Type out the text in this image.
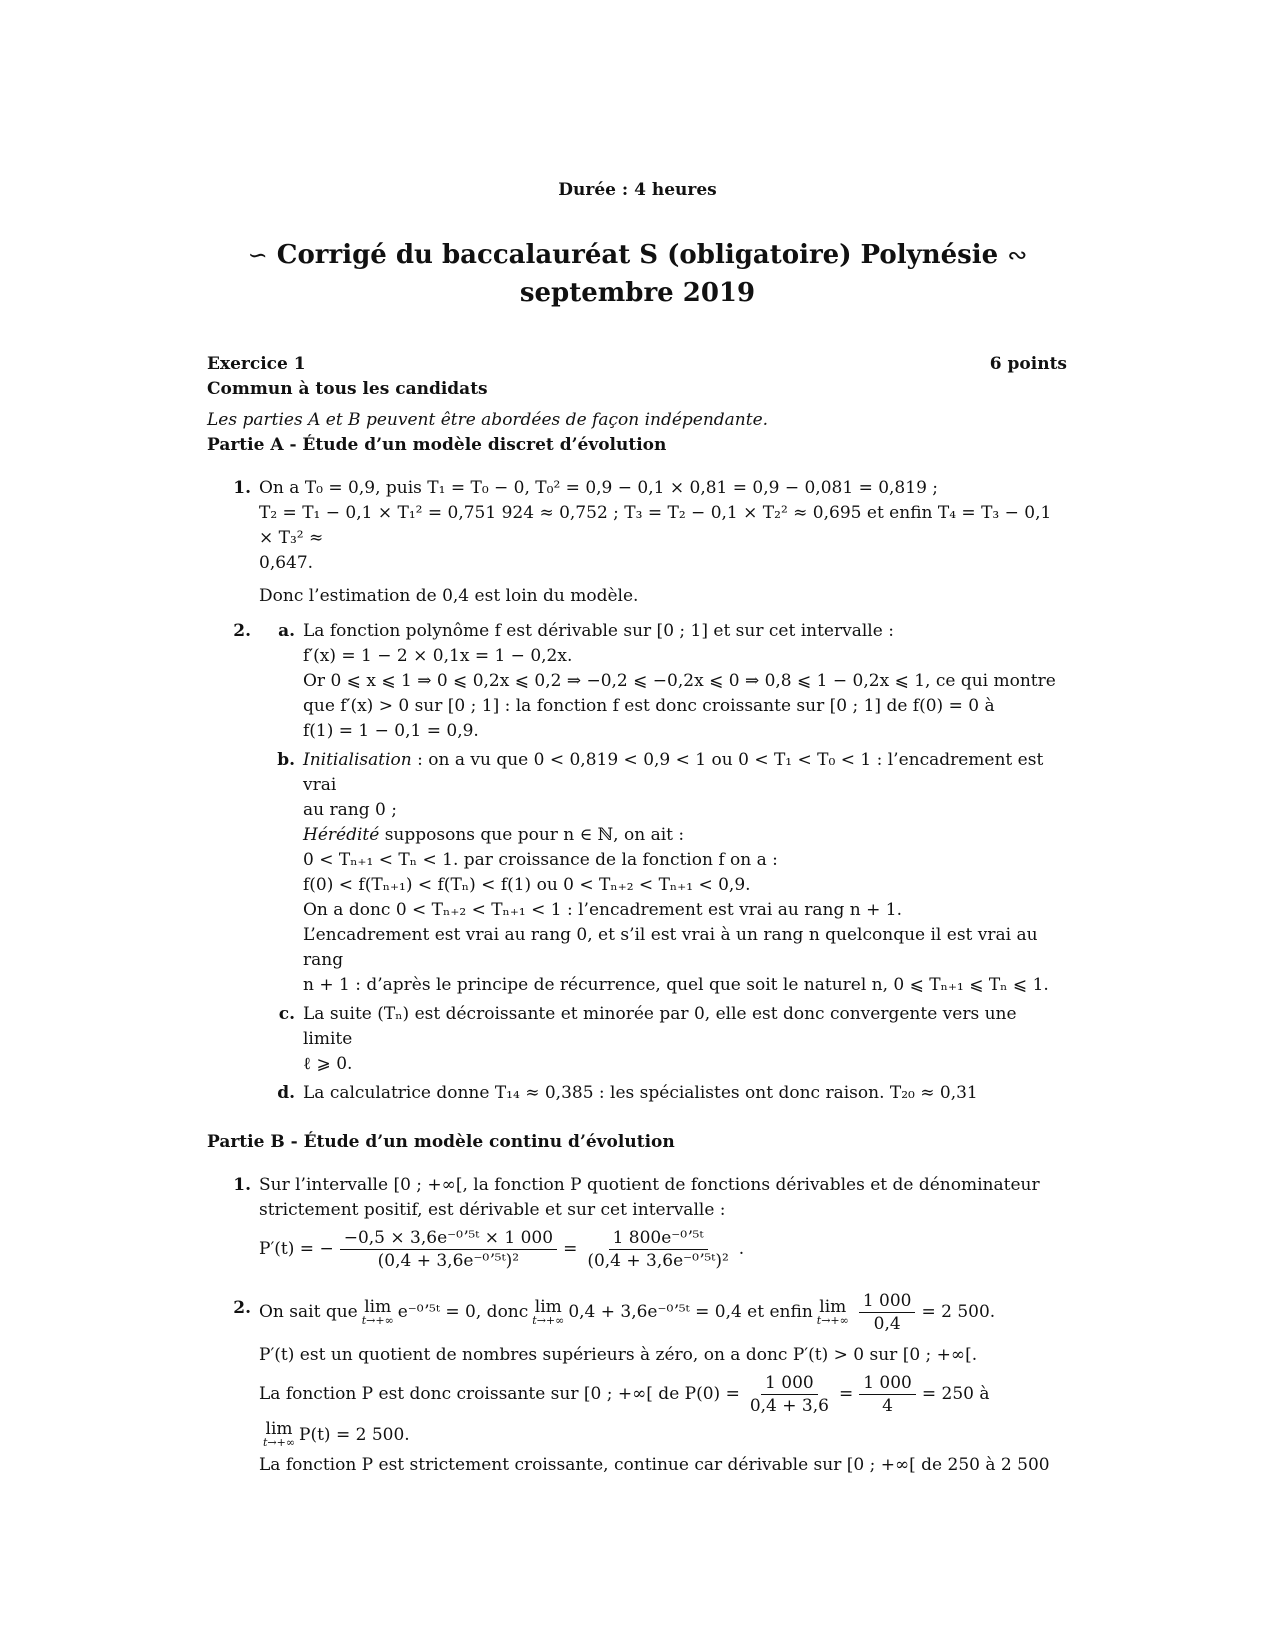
Durée : 4 heures
∽ Corrigé du baccalauréat S (obligatoire) Polynésie ∾
septembre 2019
Exercice 1	6 points
Commun à tous les candidats
Les parties A et B peuvent être abordées de façon indépendante.
Partie A - Étude d’un modèle discret d’évolution
1. On a T₀ = 0,9, puis T₁ = T₀ − 0, T₀² = 0,9 − 0,1 × 0,81 = 0,9 − 0,081 = 0,819 ;
T₂ = T₁ − 0,1 × T₁² = 0,751 924 ≈ 0,752 ; T₃ = T₂ − 0,1 × T₂² ≈ 0,695 et enfin T₄ = T₃ − 0,1 × T₃² ≈
0,647.
Donc l’estimation de 0,4 est loin du modèle.
2.	a. La fonction polynôme f est dérivable sur [0 ; 1] et sur cet intervalle :
f′(x) = 1 − 2 × 0,1x = 1 − 0,2x.
Or 0 ⩽ x ⩽ 1 ⇒ 0 ⩽ 0,2x ⩽ 0,2 ⇒ −0,2 ⩽ −0,2x ⩽ 0 ⇒ 0,8 ⩽ 1 − 0,2x ⩽ 1, ce qui montre
que f′(x) > 0 sur [0 ; 1] : la fonction f est donc croissante sur [0 ; 1] de f(0) = 0 à
f(1) = 1 − 0,1 = 0,9.
b. Initialisation : on a vu que 0 < 0,819 < 0,9 < 1 ou 0 < T₁ < T₀ < 1 : l’encadrement est vrai
au rang 0 ;
Hérédité supposons que pour n ∈ ℕ, on ait :
0 < Tₙ₊₁ < Tₙ < 1. par croissance de la fonction f on a :
f(0) < f(Tₙ₊₁) < f(Tₙ) < f(1) ou 0 < Tₙ₊₂ < Tₙ₊₁ < 0,9.
On a donc 0 < Tₙ₊₂ < Tₙ₊₁ < 1 : l’encadrement est vrai au rang n + 1.
L’encadrement est vrai au rang 0, et s’il est vrai à un rang n quelconque il est vrai au rang
n + 1 : d’après le principe de récurrence, quel que soit le naturel n, 0 ⩽ Tₙ₊₁ ⩽ Tₙ ⩽ 1.
c. La suite (Tₙ) est décroissante et minorée par 0, elle est donc convergente vers une limite
ℓ ⩾ 0.
d. La calculatrice donne T₁₄ ≈ 0,385 : les spécialistes ont donc raison. T₂₀ ≈ 0,31
Partie B - Étude d’un modèle continu d’évolution
1. Sur l’intervalle [0 ; +∞[, la fonction P quotient de fonctions dérivables et de dénominateur
strictement positif, est dérivable et sur cet intervalle :
P′(t) = − $\frac{\text{−0,5 × 3,6e⁻⁰ʼ⁵ᵗ × 1 000}}{\text{(0,4 + 3,6e⁻⁰ʼ⁵ᵗ)²}} = \frac{\text{1 800e⁻⁰ʼ⁵ᵗ}}{\text{(0,4 + 3,6e⁻⁰ʼ⁵ᵗ)²}}$ .
2. On sait que lim
t→+∞ e⁻⁰ʼ⁵ᵗ = 0, donc lim
t→+∞ 0,4 + 3,6e⁻⁰ʼ⁵ᵗ = 0,4 et enfin lim
$t\to+\infty \frac{1 000}{0,4} = 2$ 500.
P′(t) est un quotient de nombres supérieurs à zéro, on a donc P′(t) > 0 sur [0 ; +∞[.
La fonction P est donc croissante sur [0 ; +∞[ de $P(0) = \frac{1 000}{0,4 + 3,6} = \frac{1 000}{4} = 250$ à
lim
t→+∞ P(t) = 2 500.
La fonction P est strictement croissante, continue car dérivable sur [0 ; +∞[ de 250 à 2 500
